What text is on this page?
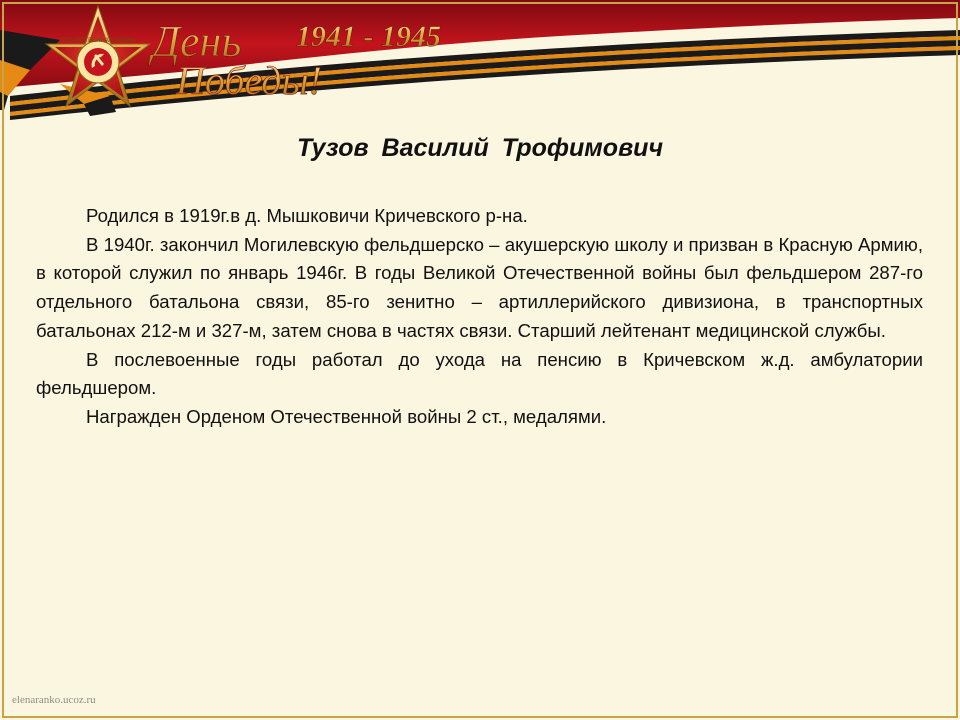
ОТЕЧЕСТВЕННАЯ ВОЙНА День
Победы!
1941 - 1945
Тузов Василий Трофимович

Родился в 1919г.в д. Мышковичи Кричевского р-на.

В 1940г. закончил Могилевскую фельдшерско – акушерскую школу и призван в Красную Армию, в которой служил по январь 1946г. В годы Великой Отечественной войны был фельдшером 287-го отдельного батальона связи, 85-го зенитно – артиллерийского дивизиона, в транспортных батальонах 212-м и 327-м, затем снова в частях связи. Старший лейтенант медицинской службы.

В послевоенные годы работал до ухода на пенсию в Кричевском ж.д. амбулатории фельдшером.

Награжден Орденом Отечественной войны 2 ст., медалями.

elenaranko.ucoz.ru
